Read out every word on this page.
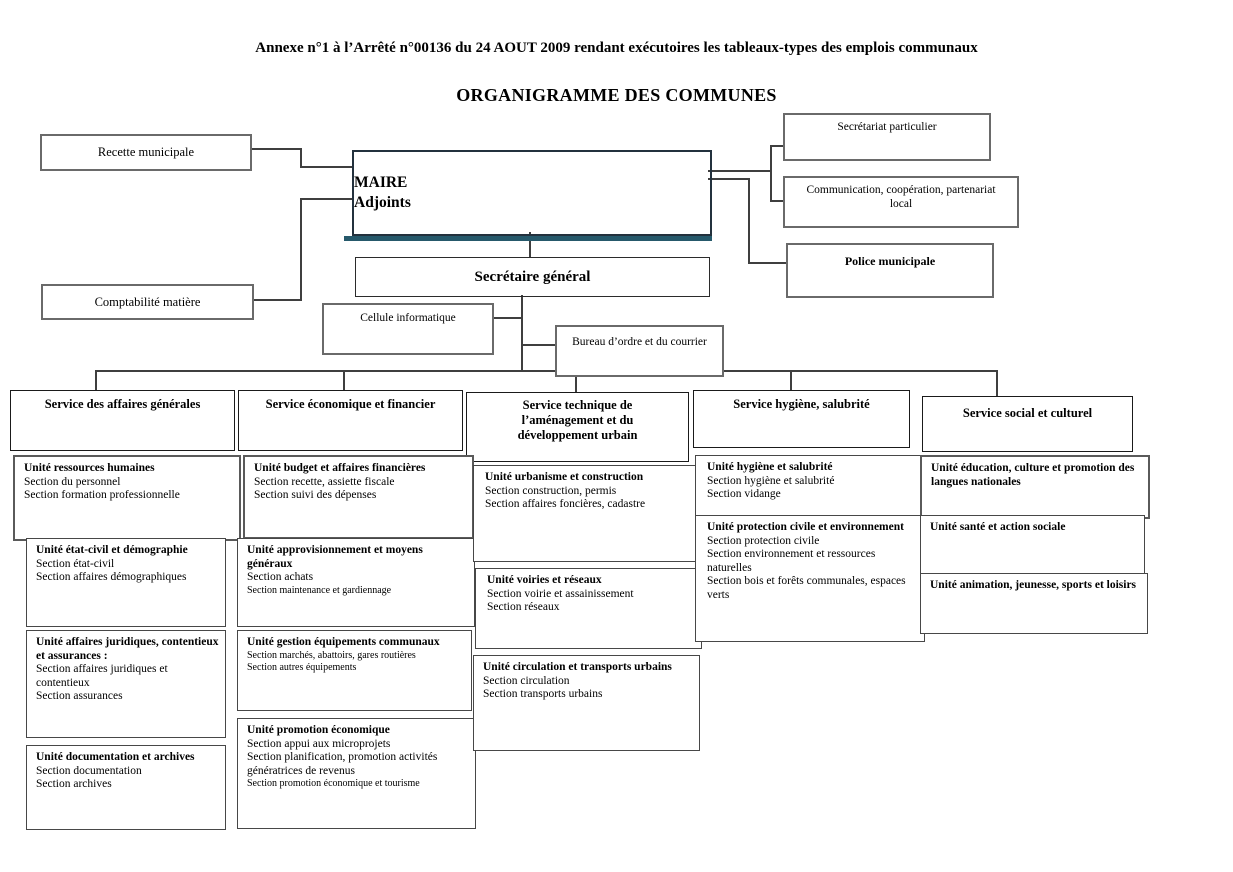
Annexe n°1 à l’Arrêté n°00136 du 24 AOUT 2009 rendant exécutoires les tableaux-types des emplois communaux
ORGANIGRAMME DES COMMUNES
Recette municipale
Comptabilité matière
MAIRE
Adjoints
Secrétariat particulier
Communication, coopération, partenariat local
Police municipale
Secrétaire général
Cellule informatique
Bureau d’ordre et du courrier
Service des affaires générales	Service économique et financier	Service technique de
l’aménagement et du
développement urbain
Service hygiène, salubrité
Service social et culturel
Unité ressources humaines
Section du personnel
Section formation professionnelle
Unité état-civil et démographie
Section état-civil
Section affaires démographiques
Unité affaires juridiques, contentieux et assurances :
Section affaires juridiques et contentieux
Section assurances
Unité documentation et archives
Section documentation
Section archives
Unité budget et affaires financières
Section recette, assiette fiscale
Section suivi des dépenses
Unité approvisionnement et moyens généraux
Section achats
Section maintenance et gardiennage
Unité gestion équipements communaux
Section marchés, abattoirs, gares routières
Section autres équipements
Unité promotion économique
Section appui aux microprojets
Section planification, promotion activités génératrices de revenus
Section promotion économique et tourisme
Unité urbanisme et construction
Section construction, permis
Section affaires foncières, cadastre
Unité voiries et réseaux
Section voirie et assainissement
Section réseaux
Unité circulation et transports urbains
Section circulation
Section transports urbains
Unité hygiène et salubrité
Section hygiène et salubrité
Section vidange
Unité protection civile et environnement
Section protection civile
Section environnement et ressources naturelles
Section bois et forêts communales, espaces verts
Unité éducation, culture et promotion des langues nationales
Unité santé et action sociale
Unité animation, jeunesse, sports et loisirs
